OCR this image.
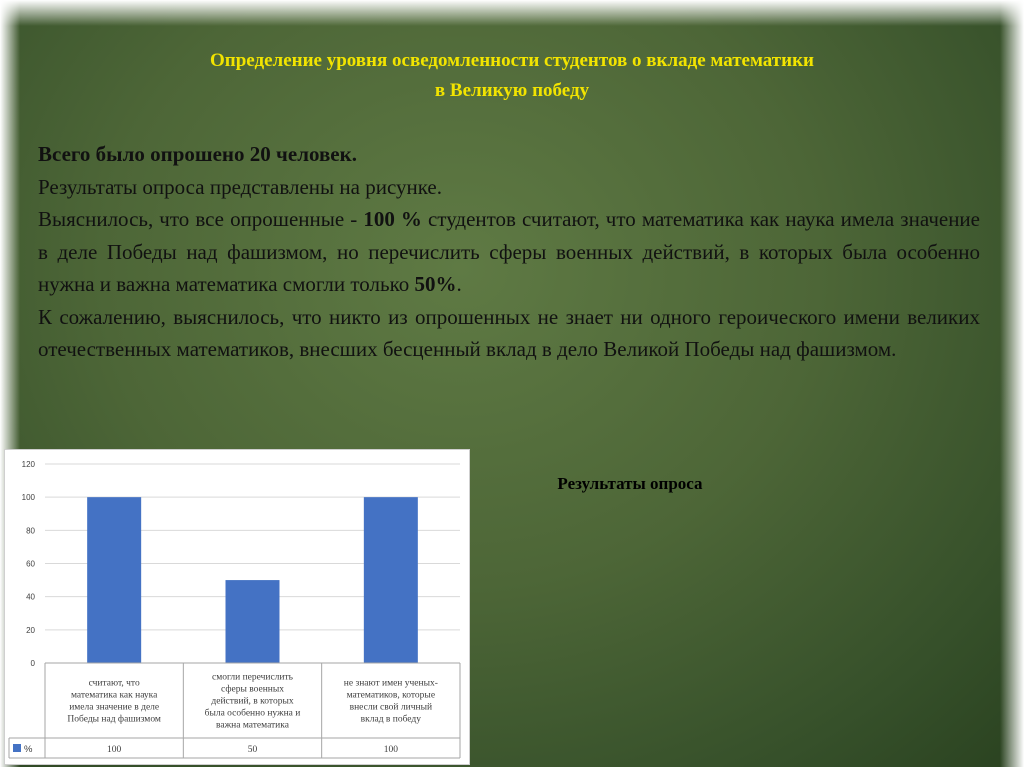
Определение уровня осведомленности студентов о вкладе математики
в Великую победу

Всего было опрошено 20 человек.

Результаты опроса представлены на рисунке.

Выяснилось, что все опрошенные - 100 % студентов считают, что математика как наука имела значение в деле Победы над фашизмом, но перечислить сферы военных действий, в которых была особенно нужна и важна математика смогли только 50%.

К сожалению, выяснилось, что никто из опрошенных не знает ни одного героического имени великих отечественных математиков, внесших бесценный вклад в дело Великой Победы над фашизмом.

Результаты опроса
0
20
40
60
80
100
120
считают, что математика как наука имела значение в деле Победы над фашизмом
смогли перечислить сферы военных действий, в которых была особенно нужна и важна математика
не знают имен ученых-математиков, которые внесли свой личный вклад в победу
%	100	50	100
